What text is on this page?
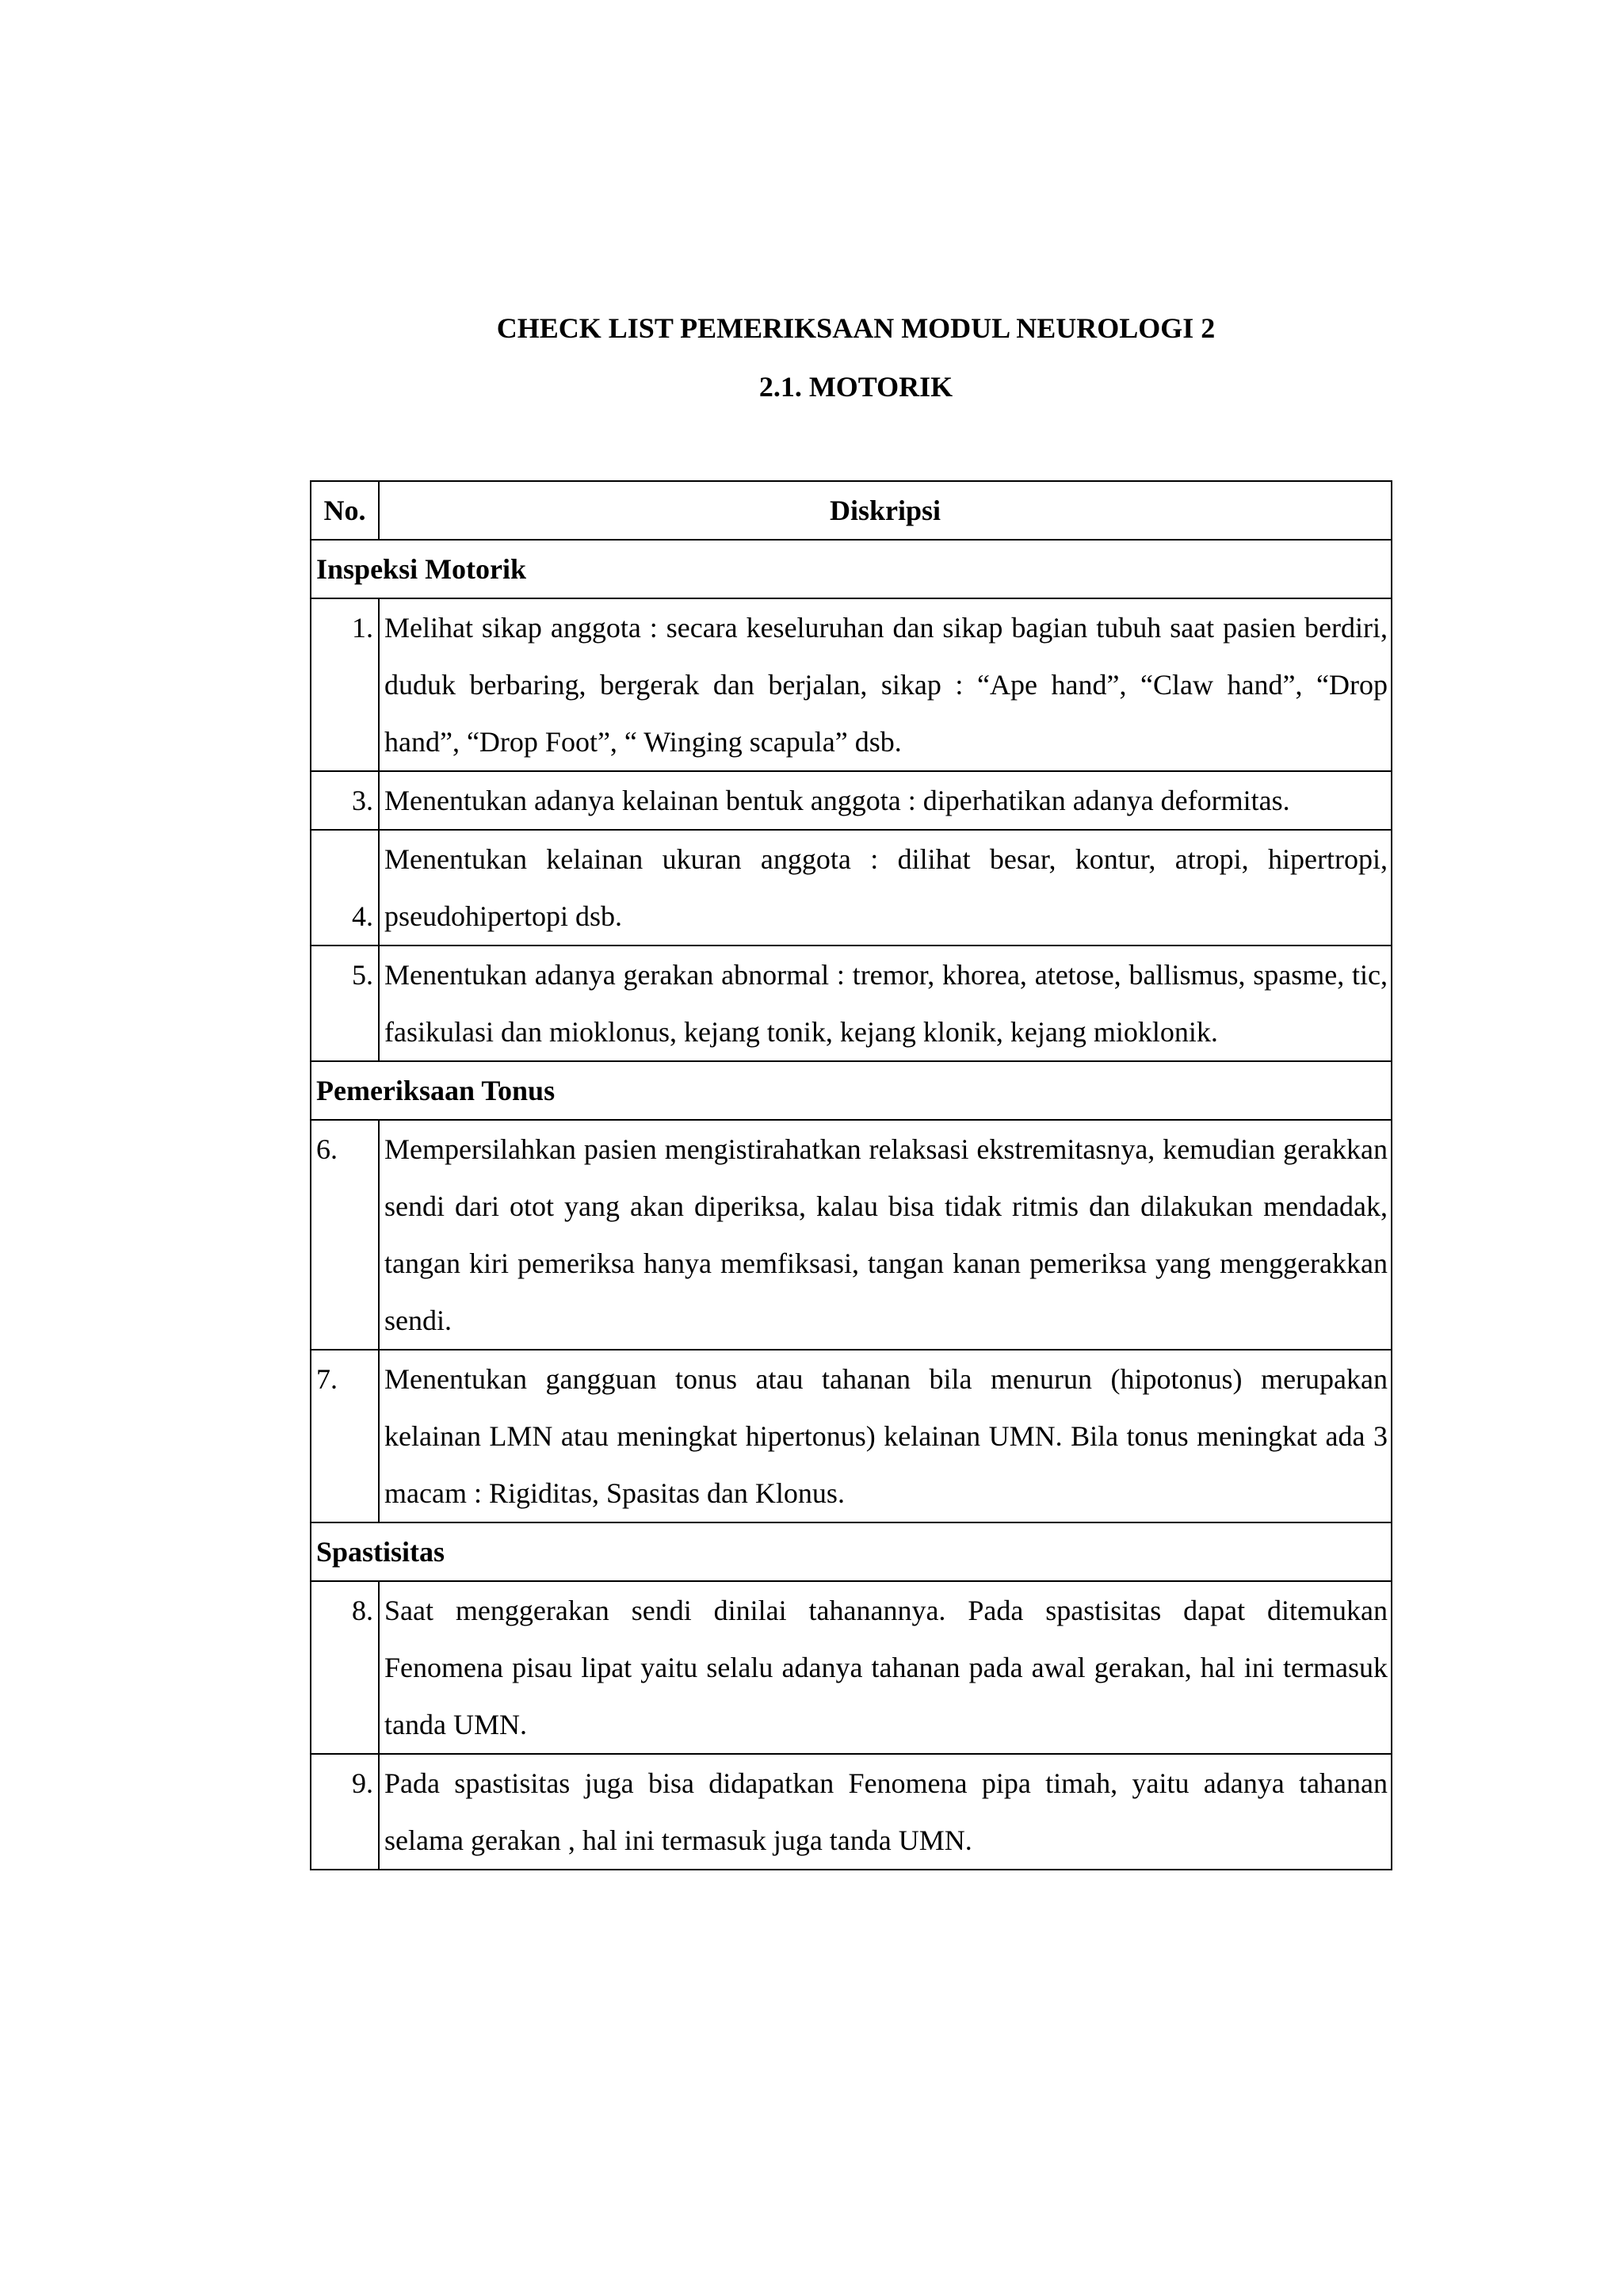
CHECK LIST PEMERIKSAAN MODUL NEUROLOGI 2
2.1. MOTORIK
No.	Diskripsi
Inspeksi Motorik	
1.	Melihat sikap anggota : secara keseluruhan dan sikap bagian tubuh saat pasien berdiri, duduk berbaring, bergerak dan berjalan, sikap : “Ape hand”, “Claw hand”, “Drop hand”, “Drop Foot”, “ Winging scapula” dsb.
3.	Menentukan adanya kelainan bentuk anggota : diperhatikan adanya deformitas.
4.	Menentukan kelainan ukuran anggota : dilihat besar, kontur, atropi, hipertropi, pseudohipertopi dsb.
5.	Menentukan adanya gerakan abnormal : tremor, khorea, atetose, ballismus, spasme, tic, fasikulasi dan mioklonus, kejang tonik, kejang klonik, kejang mioklonik.
Pemeriksaan Tonus	
6.	Mempersilahkan pasien mengistirahatkan relaksasi ekstremitasnya, kemudian gerakkan sendi dari otot yang akan diperiksa, kalau bisa tidak ritmis dan dilakukan mendadak, tangan kiri pemeriksa hanya memfiksasi, tangan kanan pemeriksa yang menggerakkan sendi.
7.	Menentukan gangguan tonus atau tahanan bila menurun (hipotonus) merupakan kelainan LMN atau meningkat hipertonus) kelainan UMN. Bila tonus meningkat ada 3 macam : Rigiditas, Spasitas dan Klonus.
Spastisitas	
8.	Saat menggerakan sendi dinilai tahanannya. Pada spastisitas dapat ditemukan Fenomena pisau lipat yaitu selalu adanya tahanan pada awal gerakan, hal ini termasuk tanda UMN.
9.	Pada spastisitas juga bisa didapatkan Fenomena pipa timah, yaitu adanya tahanan selama gerakan , hal ini termasuk juga tanda UMN.
